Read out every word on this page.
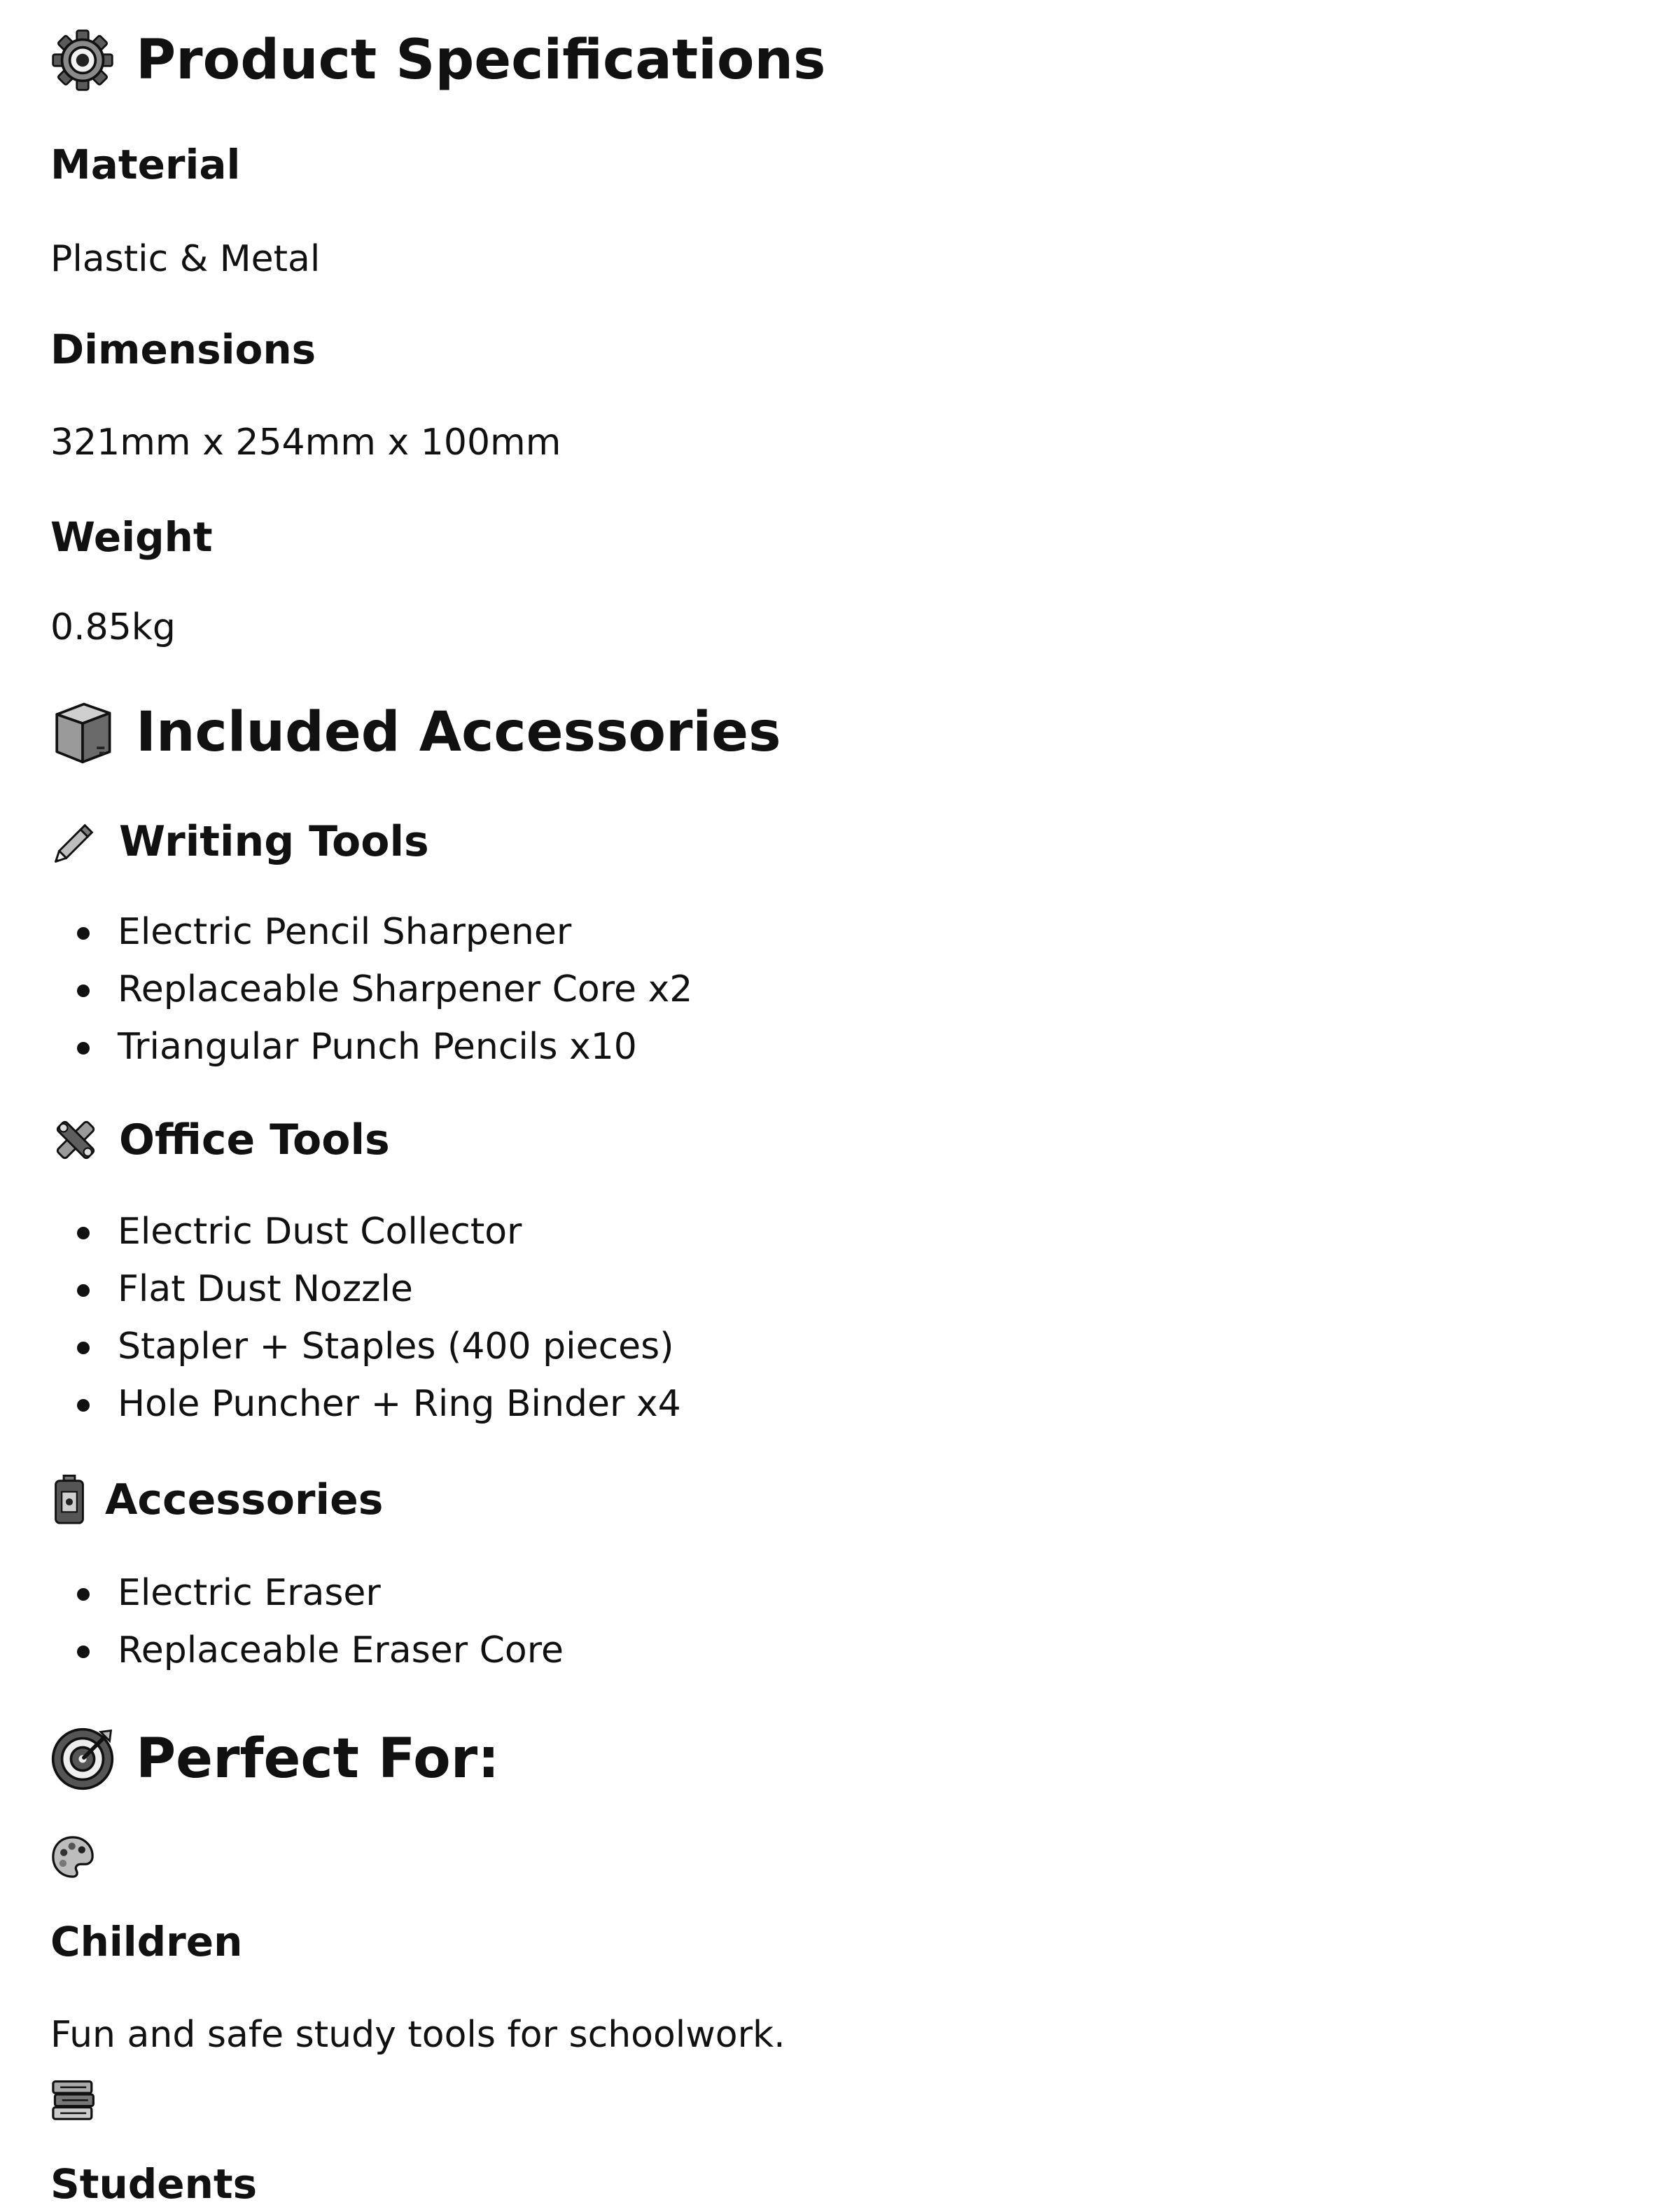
Product Specifications
Material
Plastic & Metal
Dimensions
321mm x 254mm x 100mm
Weight
0.85kg
Included Accessories
Writing Tools
Electric Pencil Sharpener
Replaceable Sharpener Core x2
Triangular Punch Pencils x10
Office Tools
Electric Dust Collector
Flat Dust Nozzle
Stapler + Staples (400 pieces)
Hole Puncher + Ring Binder x4
Accessories
Electric Eraser
Replaceable Eraser Core
Perfect For:
Children
Fun and safe study tools for schoolwork.
Students
